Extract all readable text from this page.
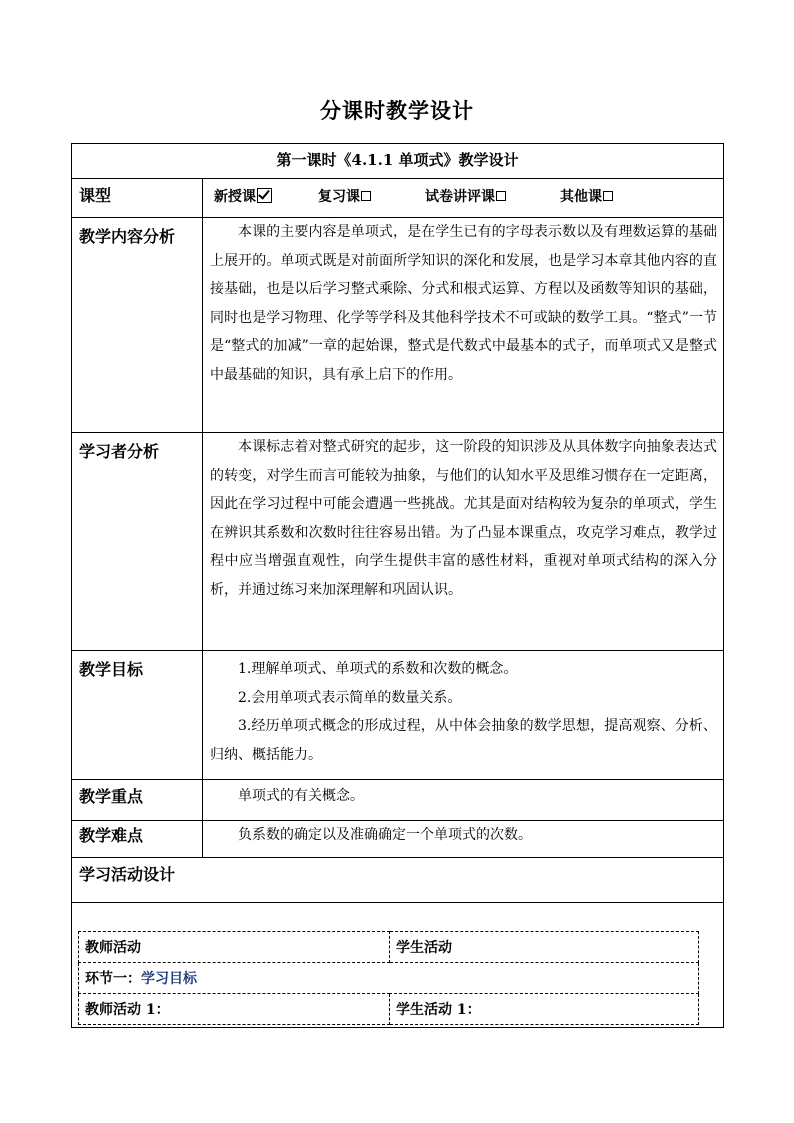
分课时教学设计
第一课时《4.1.1 单项式》教学设计
课型	新授课	复习课	试卷讲评课	其他课

教学内容分析	本课的主要内容是单项式，是在学生已有的字母表示数以及有理数运算的基础上展开的。单项式既是对前面所学知识的深化和发展，也是学习本章其他内容的直接基础，也是以后学习整式乘除、分式和根式运算、方程以及函数等知识的基础，同时也是学习物理、化学等学科及其他科学技术不可或缺的数学工具。“整式”一节是“整式的加减”一章的起始课，整式是代数式中最基本的式子，而单项式又是整式中最基础的知识，具有承上启下的作用。

学习者分析	本课标志着对整式研究的起步，这一阶段的知识涉及从具体数字向抽象表达式的转变，对学生而言可能较为抽象，与他们的认知水平及思维习惯存在一定距离，因此在学习过程中可能会遭遇一些挑战。尤其是面对结构较为复杂的单项式，学生在辨识其系数和次数时往往容易出错。为了凸显本课重点，攻克学习难点，教学过程中应当增强直观性，向学生提供丰富的感性材料，重视对单项式结构的深入分析，并通过练习来加深理解和巩固认识。

教学目标	1.理解单项式、单项式的系数和次数的概念。

2.会用单项式表示简单的数量关系。

3.经历单项式概念的形成过程，从中体会抽象的数学思想，提高观察、分析、归纳、概括能力。

教学重点	单项式的有关概念。

教学难点	负系数的确定以及准确确定一个单项式的次数。

学习活动设计

教师活动	学生活动
环节一：学习目标
教师活动 1：	学生活动 1：
